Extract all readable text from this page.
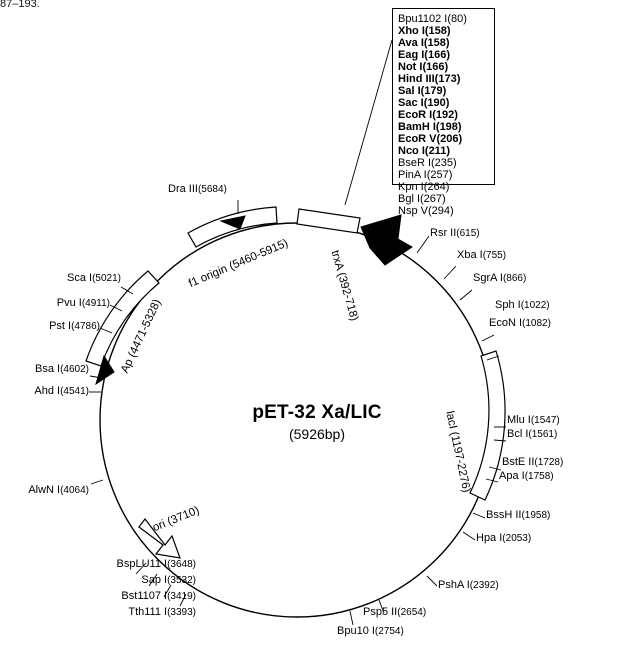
87–193.
Bpu1102 I(80)
Xho I(158)
Ava I(158)
Eag I(166)
Not I(166)
Hind III(173)
Sal I(179)
Sac I(190)
EcoR I(192)
BamH I(198)
EcoR V(206)
Nco I(211)
BseR I(235)
PinA I(257)
Kpn I(264)
Bgl I(267)
Nsp V(294)
pET-32 Xa/LIC
(5926bp)
trxA (392-718)
lacI (1197-2276)
ori (3710)
Ap (4471-5328)
f1 origin (5460-5915)
Rsr II(615)
Xba I(755)
SgrA I(866)
Sph I(1022)
EcoN I(1082)
Mlu I(1547)
Bcl I(1561)
BstE II(1728)
Apa I(1758)
BssH II(1958)
Hpa I(2053)
PshA I(2392)
Psp5 II(2654)
Bpu10 I(2754)
BspLU11 I(3648)
Sap I(3532)
Bst1107 I(3419)
Tth111 I(3393)
AlwN I(4064)
Ahd I(4541)
Bsa I(4602)
Pst I(4786)
Pvu I(4911)
Sca I(5021)
Dra III(5684)
